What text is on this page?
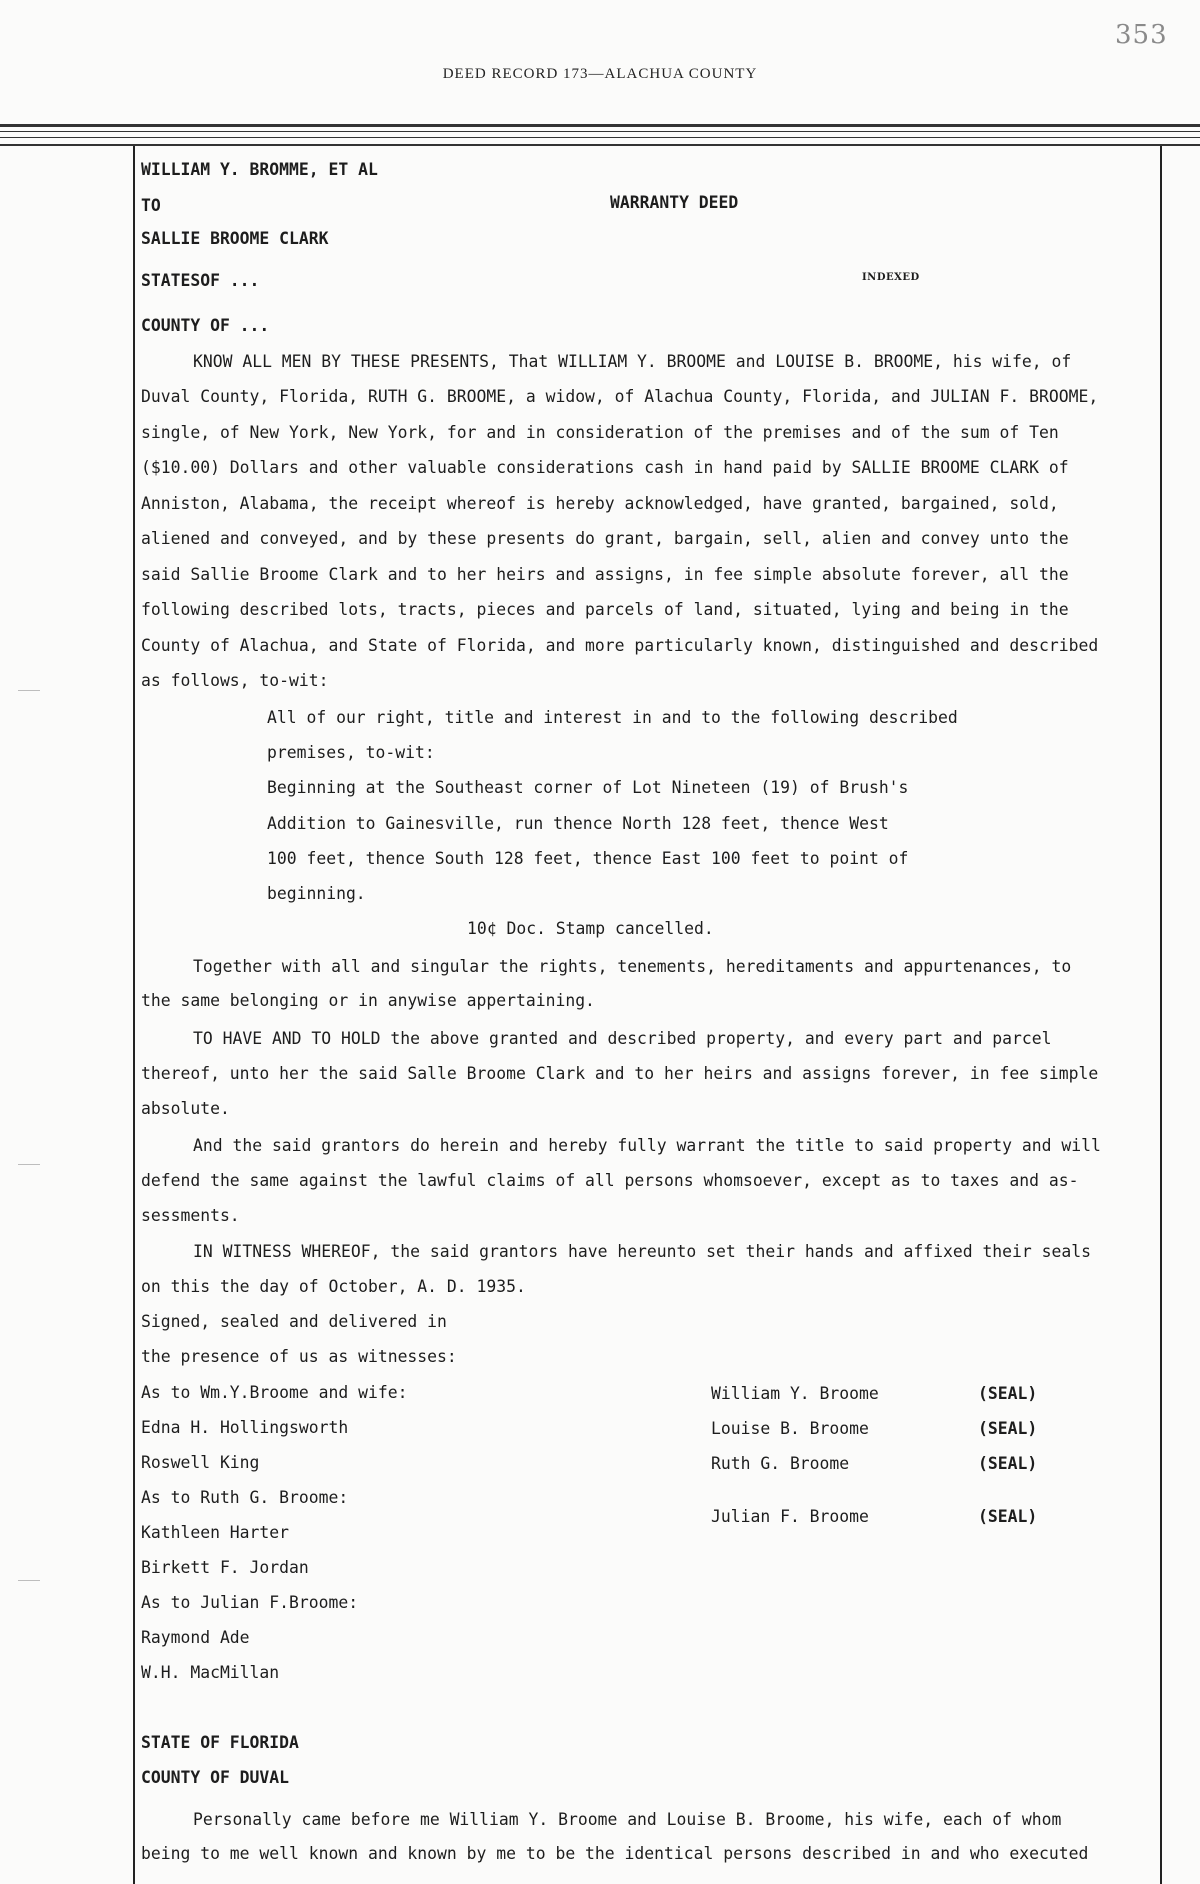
353
DEED RECORD 173—ALACHUA COUNTY
WILLIAM Y. BROMME, ET AL
TO	WARRANTY DEED
SALLIE BROOME CLARK
STATESOF ...	INDEXED
COUNTY OF ...
KNOW ALL MEN BY THESE PRESENTS, That WILLIAM Y. BROOME and LOUISE B. BROOME, his wife, of
Duval County, Florida, RUTH G. BROOME, a widow, of Alachua County, Florida, and JULIAN F. BROOME,
single, of New York, New York, for and in consideration of the premises and of the sum of Ten
($10.00) Dollars and other valuable considerations cash in hand paid by SALLIE BROOME CLARK of
Anniston, Alabama, the receipt whereof is hereby acknowledged, have granted, bargained, sold,
aliened and conveyed, and by these presents do grant, bargain, sell, alien and convey unto the
said Sallie Broome Clark and to her heirs and assigns, in fee simple absolute forever, all the
following described lots, tracts, pieces and parcels of land, situated, lying and being in the
County of Alachua, and State of Florida, and more particularly known, distinguished and described
as follows, to-wit:
All of our right, title and interest in and to the following described
premises, to-wit:
Beginning at the Southeast corner of Lot Nineteen (19) of Brush's
Addition to Gainesville, run thence North 128 feet, thence West
100 feet, thence South 128 feet, thence East 100 feet to point of
beginning.
10¢ Doc. Stamp cancelled.
Together with all and singular the rights, tenements, hereditaments and appurtenances, to
the same belonging or in anywise appertaining.
TO HAVE AND TO HOLD the above granted and described property, and every part and parcel
thereof, unto her the said Salle Broome Clark and to her heirs and assigns forever, in fee simple
absolute.
And the said grantors do herein and hereby fully warrant the title to said property and will
defend the same against the lawful claims of all persons whomsoever, except as to taxes and as-
sessments.
IN WITNESS WHEREOF, the said grantors have hereunto set their hands and affixed their seals
on this the day of October, A. D. 1935.
Signed, sealed and delivered in
the presence of us as witnesses:
As to Wm.Y.Broome and wife:
Edna H. Hollingsworth
Roswell King
As to Ruth G. Broome:
Kathleen Harter
Birkett F. Jordan
As to Julian F.Broome:
Raymond Ade
W.H. MacMillan
William Y. Broome	(SEAL)
Louise B. Broome	(SEAL)
Ruth G. Broome	(SEAL)
Julian F. Broome	(SEAL)
STATE OF FLORIDA
COUNTY OF DUVAL
Personally came before me William Y. Broome and Louise B. Broome, his wife, each of whom
being to me well known and known by me to be the identical persons described in and who executed
